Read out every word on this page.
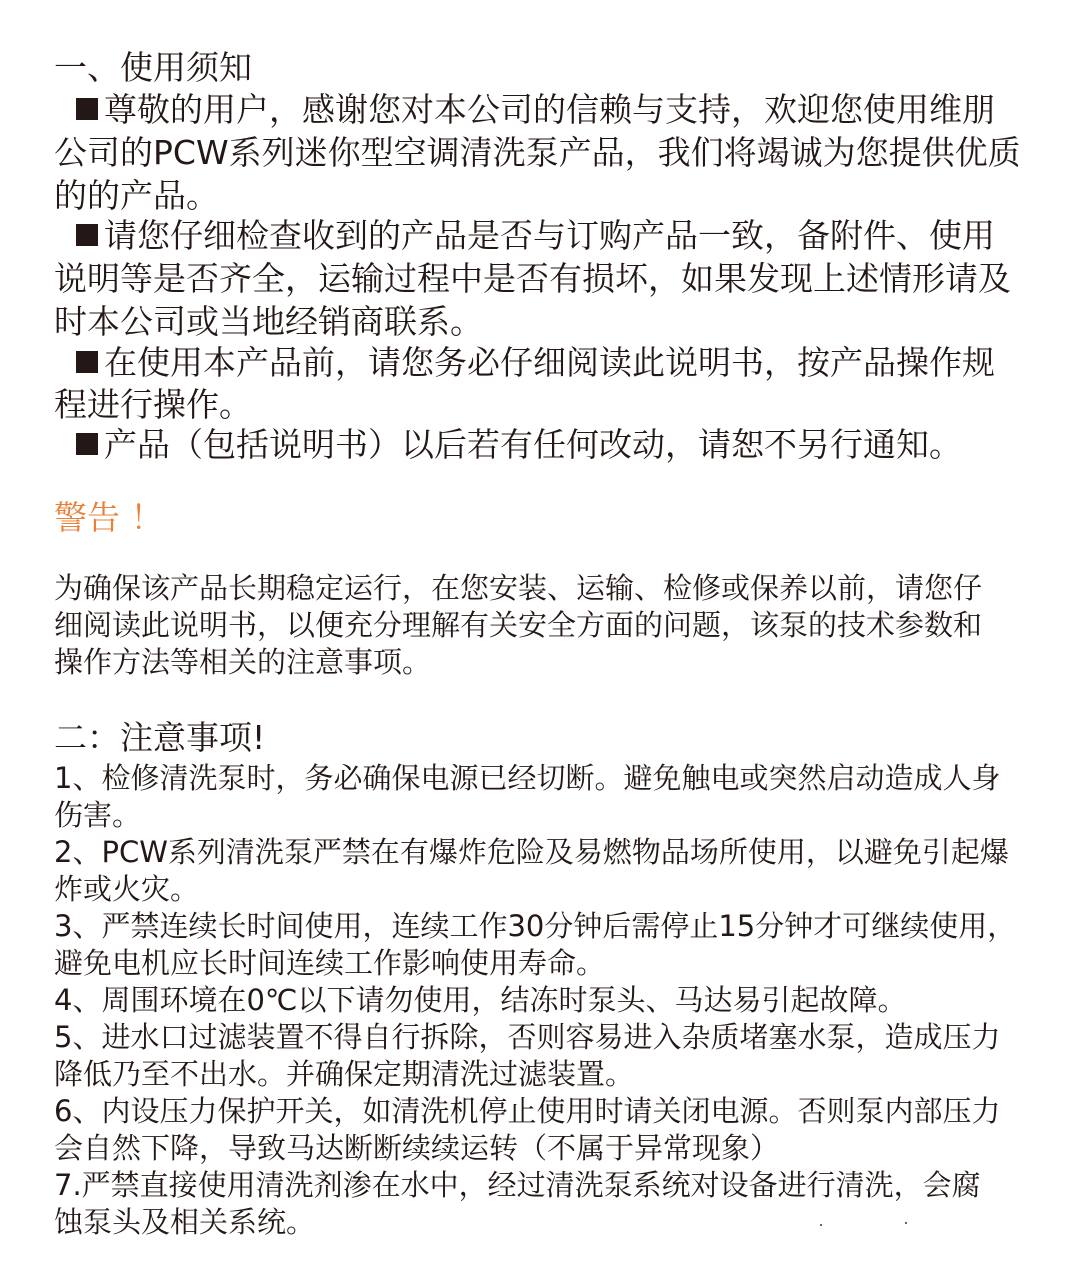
一、使用须知
尊敬的用户，感谢您对本公司的信赖与支持，欢迎您使用维朋
公司的PCW系列迷你型空调清洗泵产品，我们将竭诚为您提供优质
的的产品。
请您仔细检查收到的产品是否与订购产品一致，备附件、使用
说明等是否齐全，运输过程中是否有损坏，如果发现上述情形请及
时本公司或当地经销商联系。
在使用本产品前，请您务必仔细阅读此说明书，按产品操作规
程进行操作。
产品（包括说明书）以后若有任何改动，请恕不另行通知。
警告 ！
为确保该产品长期稳定运行，在您安装、运输、检修或保养以前，请您仔
细阅读此说明书，以便充分理解有关安全方面的问题，该泵的技术参数和
操作方法等相关的注意事项。
二：注意事项!
1、检修清洗泵时，务必确保电源已经切断。避免触电或突然启动造成人身
伤害。
2、PCW系列清洗泵严禁在有爆炸危险及易燃物品场所使用，以避免引起爆
炸或火灾。
3、严禁连续长时间使用，连续工作30分钟后需停止15分钟才可继续使用，
避免电机应长时间连续工作影响使用寿命。
4、周围环境在0℃以下请勿使用，结冻时泵头、马达易引起故障。
5、进水口过滤装置不得自行拆除，否则容易进入杂质堵塞水泵，造成压力
降低乃至不出水。并确保定期清洗过滤装置。
6、内设压力保护开关，如清洗机停止使用时请关闭电源。否则泵内部压力
会自然下降，导致马达断断续续运转（不属于异常现象）
7.严禁直接使用清洗剂渗在水中，经过清洗泵系统对设备进行清洗，会腐
蚀泵头及相关系统。
